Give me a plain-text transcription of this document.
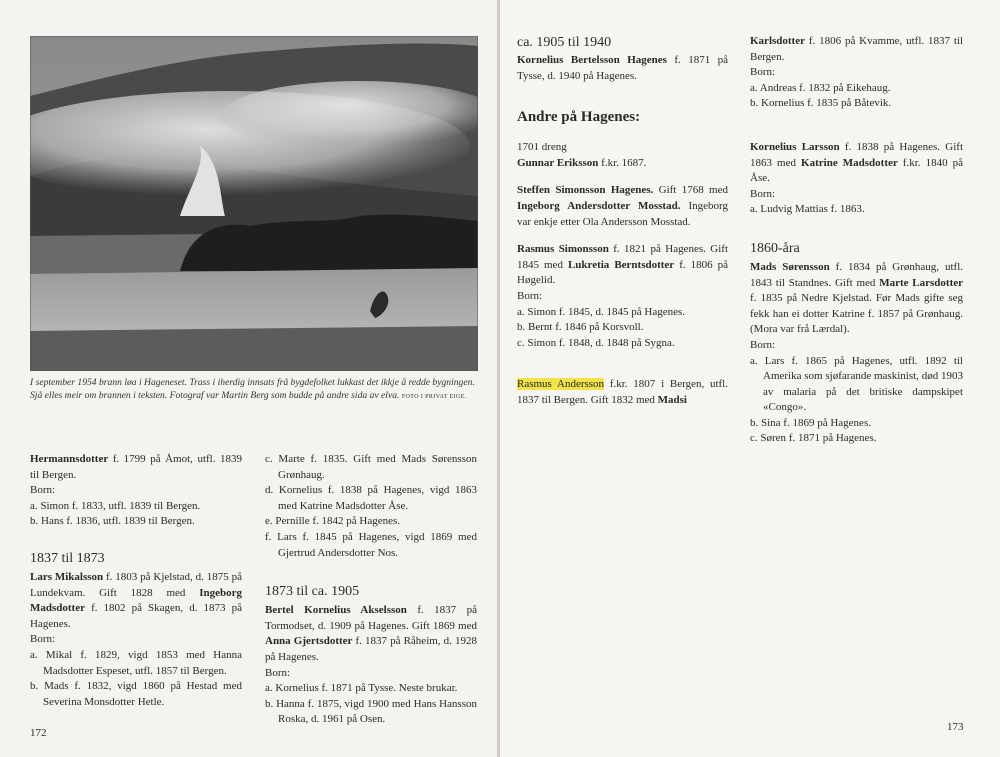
I september 1954 brann løa i Hageneset. Trass i iherdig innsats frå bygdefolket lukkast det ikkje å redde bygningen. Sjå elles meir om brannen i teksten. Fotograf var Martin Berg som budde på andre sida av elva. FOTO I PRIVAT EIGE.

Hermannsdotter f. 1799 på Åmot, utfl. 1839 til Bergen.

Born:

a. Simon f. 1833, utfl. 1839 til Bergen.

b. Hans f. 1836, utfl. 1839 til Bergen.

1837 til 1873

Lars Mikalsson f. 1803 på Kjelstad, d. 1875 på Lundekvam. Gift 1828 med Ingeborg Madsdotter f. 1802 på Skagen, d. 1873 på Hagenes.

Born:

a. Mikal f. 1829, vigd 1853 med Hanna Madsdotter Espeset, utfl. 1857 til Bergen.

b. Mads f. 1832, vigd 1860 på Hestad med Severina Monsdotter Hetle.

c. Marte f. 1835. Gift med Mads Sørensson Grønhaug.

d. Kornelius f. 1838 på Hagenes, vigd 1863 med Katrine Madsdotter Åse.

e. Pernille f. 1842 på Hagenes.

f. Lars f. 1845 på Hagenes, vigd 1869 med Gjertrud Andersdotter Nos.

1873 til ca. 1905

Bertel Kornelius Akselsson f. 1837 på Tormodset, d. 1909 på Hagenes. Gift 1869 med Anna Gjertsdotter f. 1837 på Råheim, d. 1928 på Hagenes.

Born:

a. Kornelius f. 1871 på Tysse. Neste brukar.

b. Hanna f. 1875, vigd 1900 med Hans Hansson Roska, d. 1961 på Osen.

172

ca. 1905 til 1940

Kornelius Bertelsson Hagenes f. 1871 på Tysse, d. 1940 på Hagenes.

Andre på Hagenes:

1701 dreng

Gunnar Eriksson f.kr. 1687.

Steffen Simonsson Hagenes. Gift 1768 med Ingeborg Andersdotter Mosstad. Ingeborg var enkje etter Ola Andersson Mosstad.

Rasmus Simonsson f. 1821 på Hagenes. Gift 1845 med Lukretia Berntsdotter f. 1806 på Høgelid.

Born:

a. Simon f. 1845, d. 1845 på Hagenes.

b. Bernt f. 1846 på Korsvoll.

c. Simon f. 1848, d. 1848 på Sygna.

Rasmus Andersson f.kr. 1807 i Bergen, utfl. 1837 til Bergen. Gift 1832 med Madsi

Karlsdotter f. 1806 på Kvamme, utfl. 1837 til Bergen.

Born:

a. Andreas f. 1832 på Eikehaug.

b. Kornelius f. 1835 på Båtevik.

Kornelius Larsson f. 1838 på Hagenes. Gift 1863 med Katrine Madsdotter f.kr. 1840 på Åse.

Born:

a. Ludvig Mattias f. 1863.

1860-åra

Mads Sørensson f. 1834 på Grønhaug, utfl. 1843 til Standnes. Gift med Marte Larsdotter f. 1835 på Nedre Kjelstad. Før Mads gifte seg fekk han ei dotter Katrine f. 1857 på Grønhaug. (Mora var frå Lærdal).

Born:

a. Lars f. 1865 på Hagenes, utfl. 1892 til Amerika som sjøfarande maskinist, død 1903 av malaria på det britiske dampskipet «Congo».

b. Sina f. 1869 på Hagenes.

c. Søren f. 1871 på Hagenes.

173
